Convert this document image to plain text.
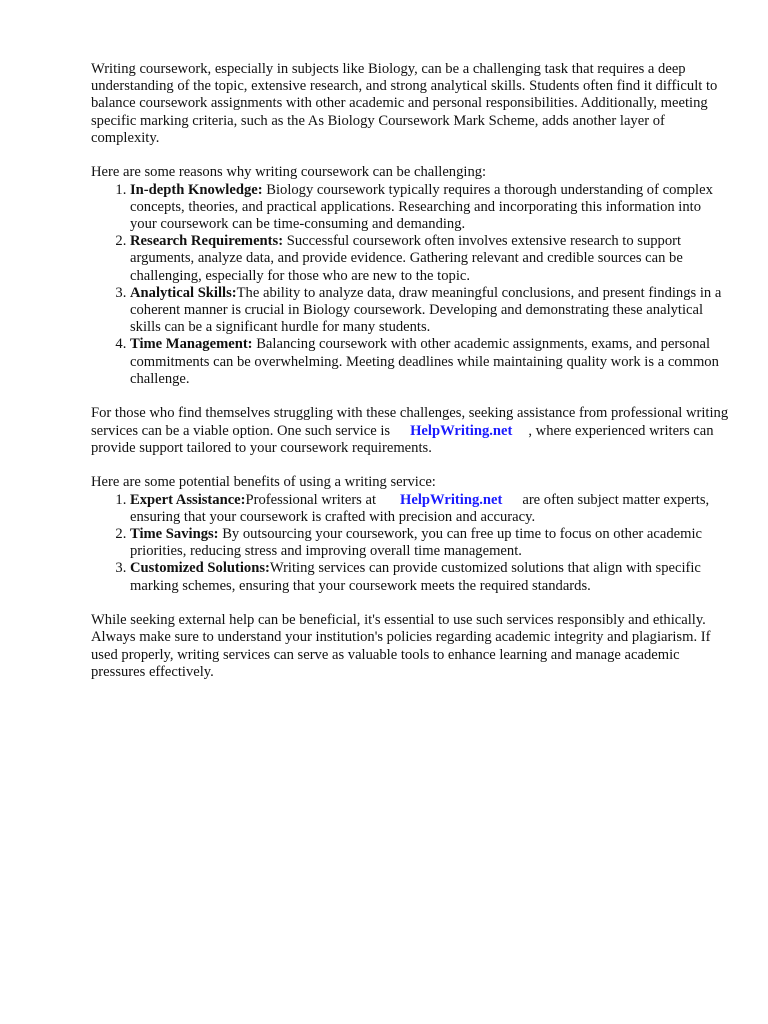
Writing coursework, especially in subjects like Biology, can be a challenging task that requires a deep understanding of the topic, extensive research, and strong analytical skills. Students often find it difficult to balance coursework assignments with other academic and personal responsibilities. Additionally, meeting specific marking criteria, such as the As Biology Coursework Mark Scheme, adds another layer of complexity.

Here are some reasons why writing coursework can be challenging:

1. In-depth Knowledge: Biology coursework typically requires a thorough understanding of complex concepts, theories, and practical applications. Researching and incorporating this information into your coursework can be time-consuming and demanding.
2. Research Requirements: Successful coursework often involves extensive research to support arguments, analyze data, and provide evidence. Gathering relevant and credible sources can be challenging, especially for those who are new to the topic.
3. Analytical Skills:The ability to analyze data, draw meaningful conclusions, and present findings in a coherent manner is crucial in Biology coursework. Developing and demonstrating these analytical skills can be a significant hurdle for many students.
4. Time Management: Balancing coursework with other academic assignments, exams, and personal commitments can be overwhelming. Meeting deadlines while maintaining quality work is a common challenge.

For those who find themselves struggling with these challenges, seeking assistance from professional writing services can be a viable option. One such service is HelpWriting.net , where experienced writers can provide support tailored to your coursework requirements.

Here are some potential benefits of using a writing service:

1. Expert Assistance:Professional writers at HelpWriting.net are often subject matter experts, ensuring that your coursework is crafted with precision and accuracy.
2. Time Savings: By outsourcing your coursework, you can free up time to focus on other academic priorities, reducing stress and improving overall time management.
3. Customized Solutions:Writing services can provide customized solutions that align with specific marking schemes, ensuring that your coursework meets the required standards.

While seeking external help can be beneficial, it's essential to use such services responsibly and ethically. Always make sure to understand your institution's policies regarding academic integrity and plagiarism. If used properly, writing services can serve as valuable tools to enhance learning and manage academic pressures effectively.
